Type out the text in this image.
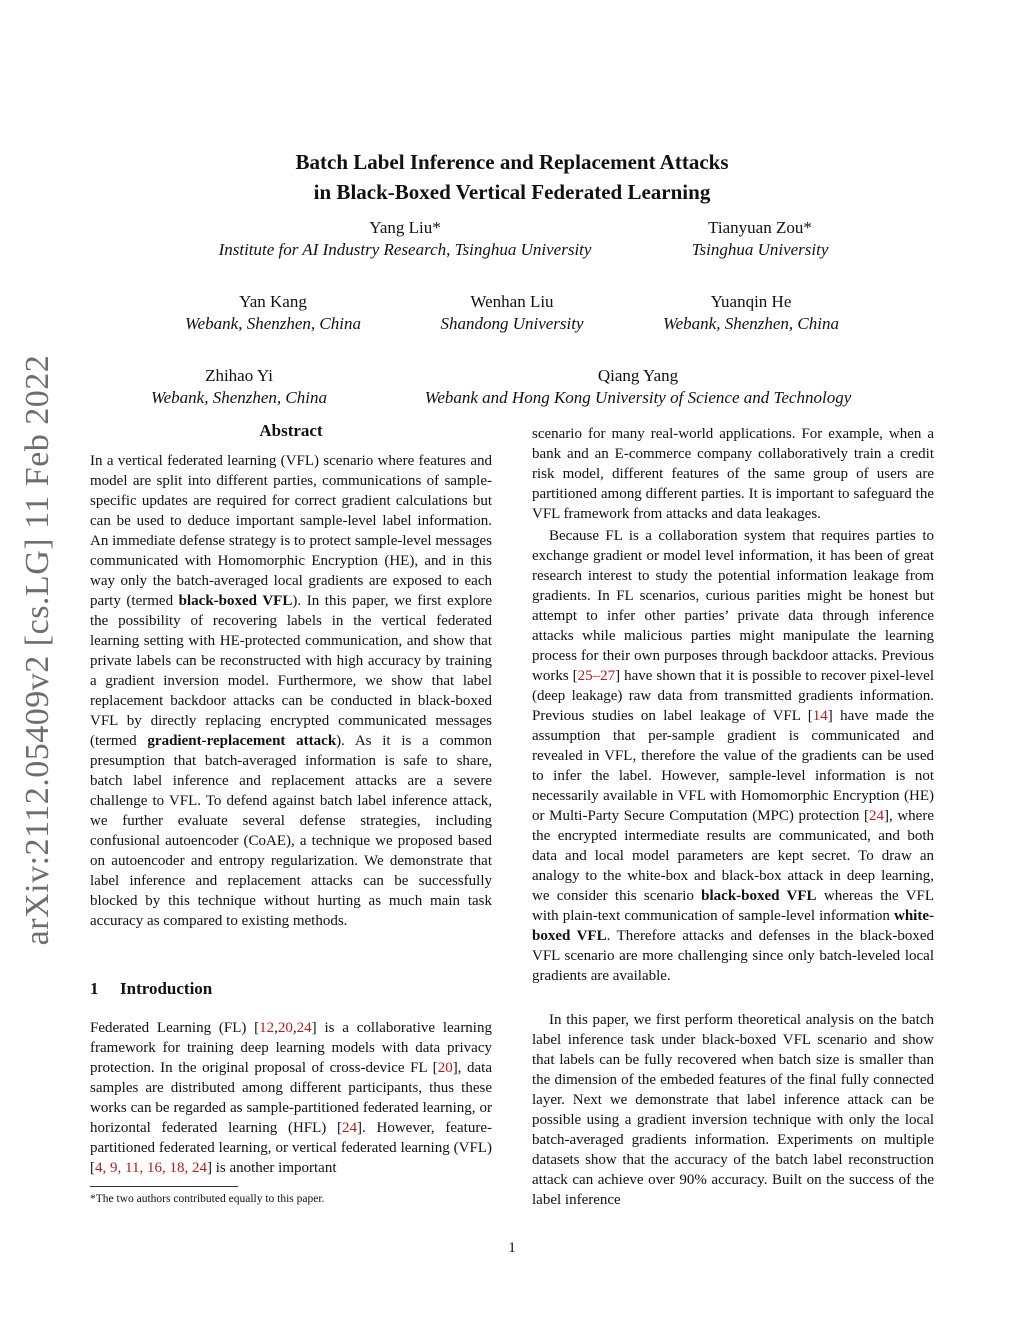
arXiv:2112.05409v2 [cs.LG] 11 Feb 2022
Batch Label Inference and Replacement Attacks
in Black-Boxed Vertical Federated Learning
Yang Liu*
Institute for AI Industry Research, Tsinghua University
Tianyuan Zou*
Tsinghua University
Yan Kang
Webank, Shenzhen, China
Wenhan Liu
Shandong University
Yuanqin He
Webank, Shenzhen, China
Zhihao Yi
Webank, Shenzhen, China
Qiang Yang
Webank and Hong Kong University of Science and Technology
Abstract
In a vertical federated learning (VFL) scenario where features and model are split into different parties, communications of sample-specific updates are required for correct gradient calculations but can be used to deduce important sample-level label information. An immediate defense strategy is to protect sample-level messages communicated with Homomorphic Encryption (HE), and in this way only the batch-averaged local gradients are exposed to each party (termed black-boxed VFL). In this paper, we first explore the possibility of recovering labels in the vertical federated learning setting with HE-protected communication, and show that private labels can be reconstructed with high accuracy by training a gradient inversion model. Furthermore, we show that label replacement backdoor attacks can be conducted in black-boxed VFL by directly replacing encrypted communicated messages (termed gradient-replacement attack). As it is a common presumption that batch-averaged information is safe to share, batch label inference and replacement attacks are a severe challenge to VFL. To defend against batch label inference attack, we further evaluate several defense strategies, including confusional autoencoder (CoAE), a technique we proposed based on autoencoder and entropy regularization. We demonstrate that label inference and replacement attacks can be successfully blocked by this technique without hurting as much main task accuracy as compared to existing methods.
1 Introduction
Federated Learning (FL) [12,20,24] is a collaborative learning framework for training deep learning models with data privacy protection. In the original proposal of cross-device FL [20], data samples are distributed among different participants, thus these works can be regarded as sample-partitioned federated learning, or horizontal federated learning (HFL) [24]. However, feature-partitioned federated learning, or vertical federated learning (VFL) [4, 9, 11, 16, 18, 24] is another important
*The two authors contributed equally to this paper.
scenario for many real-world applications. For example, when a bank and an E-commerce company collaboratively train a credit risk model, different features of the same group of users are partitioned among different parties. It is important to safeguard the VFL framework from attacks and data leakages.
Because FL is a collaboration system that requires parties to exchange gradient or model level information, it has been of great research interest to study the potential information leakage from gradients. In FL scenarios, curious parities might be honest but attempt to infer other parties’ private data through inference attacks while malicious parties might manipulate the learning process for their own purposes through backdoor attacks. Previous works [25–27] have shown that it is possible to recover pixel-level (deep leakage) raw data from transmitted gradients information. Previous studies on label leakage of VFL [14] have made the assumption that per-sample gradient is communicated and revealed in VFL, therefore the value of the gradients can be used to infer the label. However, sample-level information is not necessarily available in VFL with Homomorphic Encryption (HE) or Multi-Party Secure Computation (MPC) protection [24], where the encrypted intermediate results are communicated, and both data and local model parameters are kept secret. To draw an analogy to the white-box and black-box attack in deep learning, we consider this scenario black-boxed VFL whereas the VFL with plain-text communication of sample-level information white-boxed VFL. Therefore attacks and defenses in the black-boxed VFL scenario are more challenging since only batch-leveled local gradients are available.
In this paper, we first perform theoretical analysis on the batch label inference task under black-boxed VFL scenario and show that labels can be fully recovered when batch size is smaller than the dimension of the embeded features of the final fully connected layer. Next we demonstrate that label inference attack can be possible using a gradient inversion technique with only the local batch-averaged gradients information. Experiments on multiple datasets show that the accuracy of the batch label reconstruction attack can achieve over 90% accuracy. Built on the success of the label inference
1
